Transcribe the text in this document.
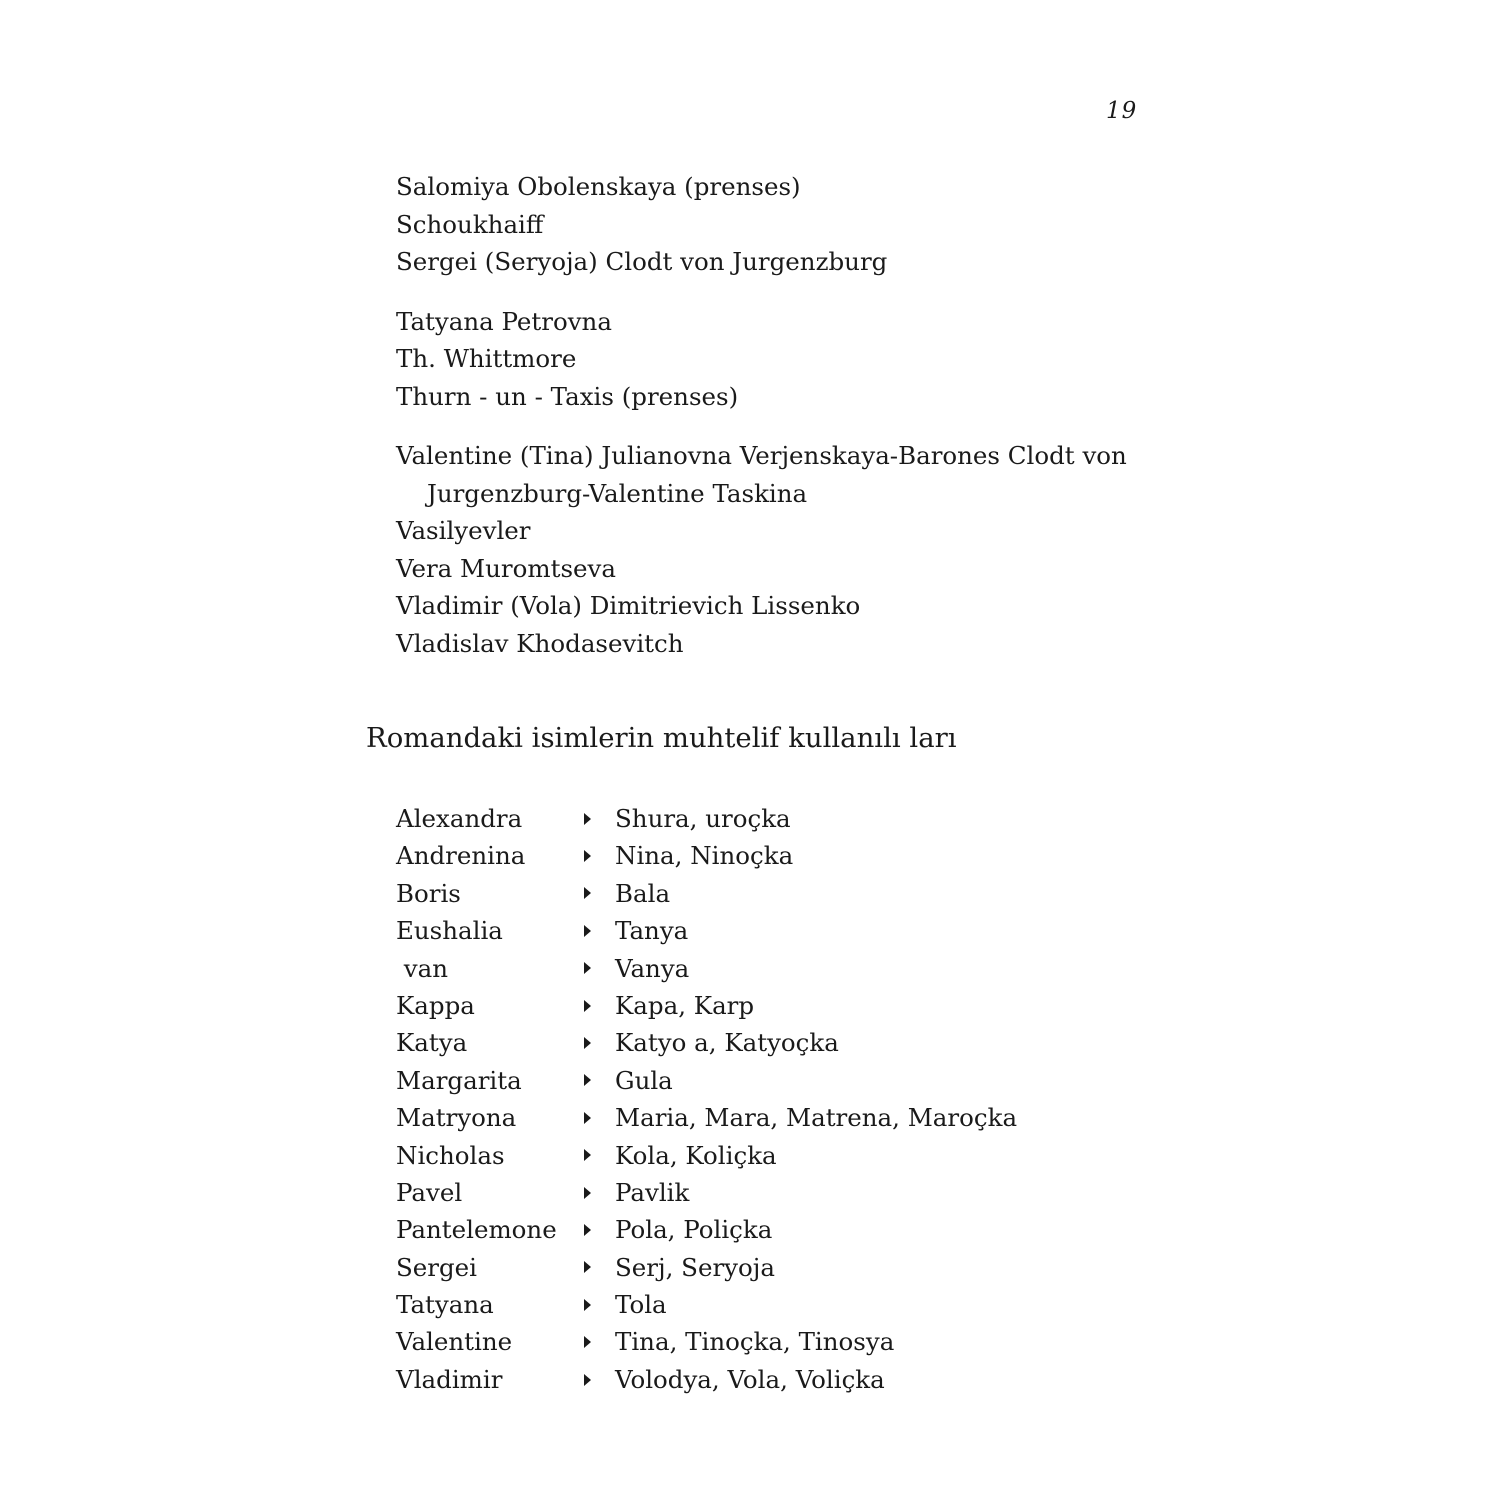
19
Salomiya Obolenskaya (prenses)
Schoukhaiff
Sergei (Seryoja) Clodt von Jurgenzburg
Tatyana Petrovna
Th. Whittmore
Thurn - un - Taxis (prenses)
Valentine (Tina) Julianovna Verjenskaya-Barones Clodt von
Jurgenzburg-Valentine Taskina
Vasilyevler
Vera Muromtseva
Vladimir (Vola) Dimitrievich Lissenko
Vladislav Khodasevitch
Romandaki isimlerin muhtelif kullanılı ları
Alexandra	Shura, uroçka
Andrenina	Nina, Ninoçka
Boris	Bala
Eushalia	Tanya
van	Vanya
Kappa	Kapa, Karp
Katya	Katyo a, Katyoçka
Margarita	Gula
Matryona	Maria, Mara, Matrena, Maroçka
Nicholas	Kola, Koliçka
Pavel	Pavlik
Pantelemone	Pola, Poliçka
Sergei	Serj, Seryoja
Tatyana	Tola
Valentine	Tina, Tinoçka, Tinosya
Vladimir	Volodya, Vola, Voliçka
